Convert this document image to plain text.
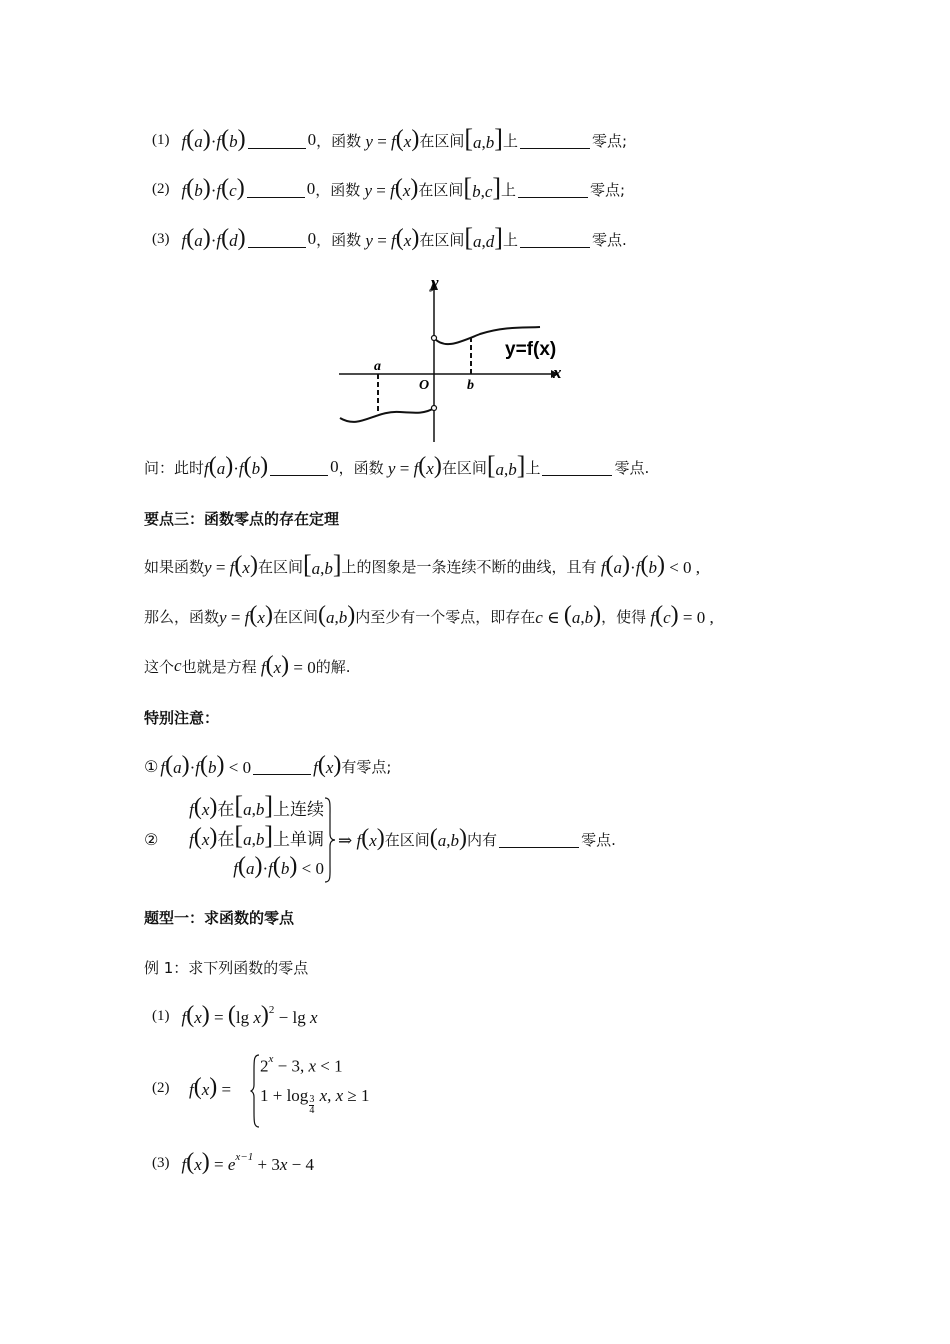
(1) f(a)·f(b)	0 ，函数 y = f(x) 在区间 [a,b] 上	零点;
(2) f(b)·f(c)	0 ，函数 y = f(x) 在区间 [b,c] 上	零点;
(3) f(a)·f(d)	0 ，函数 y = f(x) 在区间 [a,d] 上	零点.
y
x
O
a
b
y=f(x)
问：此时 f(a)·f(b)	0 ，函数 y = f(x) 在区间 [a,b] 上	零点.
要点三：函数零点的存在定理
如果函数 y = f(x) 在区间 [a,b] 上的图象是一条连续不断的曲线，且有 f(a)·f(b) < 0 ,
那么，函数 y = f(x) 在区间 (a,b) 内至少有一个零点，即存在 c ∈ (a,b) ，使得 f(c) = 0 ,
这个 c 也就是方程 f(x) = 0 的解.
特别注意：
① f(a)·f(b) < 0	f(x) 有零点;
②
f(x)在[a,b]上连续
f(x)在[a,b]上单调
f(a)·f(b) < 0
⇒ f(x) 在区间 (a,b) 内有	零点.
题型一：求函数的零点
例 1：求下列函数的零点
(1) f(x) = (lg x)$^2$ − lg x
(2) f(x) =
$2^x - 3$, x < 1
$1 + \log \frac{3}{4} x$, x ≥ 1
(3) $f(x) = e^{x-1} + 3x - 4$
